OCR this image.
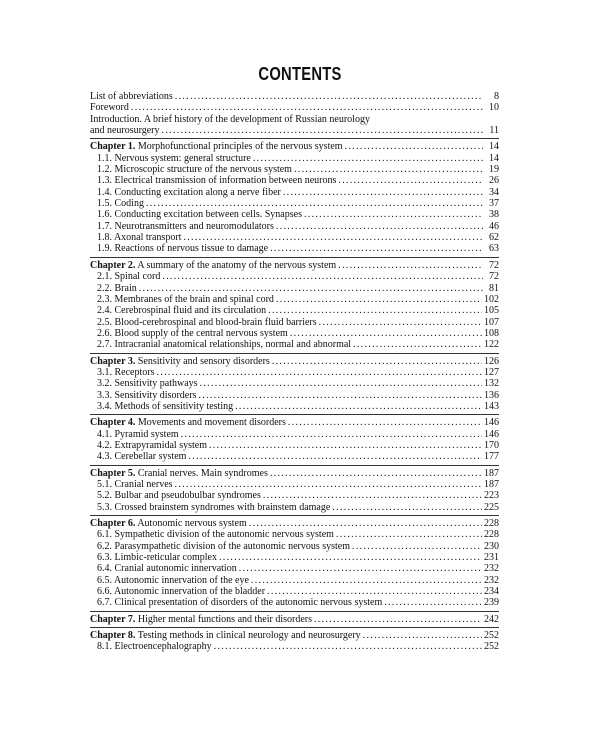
CONTENTS
List of abbreviations . . .	8
Foreword . . .	10
Introduction. A brief history of the development of Russian neurology
and neurosurgery . . .	11
Chapter 1. Morphofunctional principles of the nervous system . . .	14
1.1. Nervous system: general structure . . .	14
1.2. Microscopic structure of the nervous system . . .	19
1.3. Electrical transmission of information between neurons . . .	26
1.4. Conducting excitation along a nerve fiber . . .	34
1.5. Coding . . .	37
1.6. Conducting excitation between cells. Synapses . . .	38
1.7. Neurotransmitters and neuromodulators . . .	46
1.8. Axonal transport . . .	62
1.9. Reactions of nervous tissue to damage . . .	63
Chapter 2. A summary of the anatomy of the nervous system . . .	72
2.1. Spinal cord . . .	72
2.2. Brain . . .	81
2.3. Membranes of the brain and spinal cord . . .	102
2.4. Cerebrospinal fluid and its circulation . . .	105
2.5. Blood-cerebrospinal and blood-brain fluid barriers . . .	107
2.6. Blood supply of the central nervous system . . .	108
2.7. Intracranial anatomical relationships, normal and abnormal . . .	122
Chapter 3. Sensitivity and sensory disorders . . .	126
3.1. Receptors . . .	127
3.2. Sensitivity pathways . . .	132
3.3. Sensitivity disorders . . .	136
3.4. Methods of sensitivity testing . . .	143
Chapter 4. Movements and movement disorders . . .	146
4.1. Pyramid system . . .	146
4.2. Extrapyramidal system . . .	170
4.3. Cerebellar system . . .	177
Chapter 5. Cranial nerves. Main syndromes . . .	187
5.1. Cranial nerves . . .	187
5.2. Bulbar and pseudobulbar syndromes . . .	223
5.3. Crossed brainstem syndromes with brainstem damage . . .	225
Chapter 6. Autonomic nervous system . . .	228
6.1. Sympathetic division of the autonomic nervous system . . .	228
6.2. Parasympathetic division of the autonomic nervous system . . .	230
6.3. Limbic-reticular complex . . .	231
6.4. Cranial autonomic innervation . . .	232
6.5. Autonomic innervation of the eye . . .	232
6.6. Autonomic innervation of the bladder . . .	234
6.7. Clinical presentation of disorders of the autonomic nervous system . . .	239
Chapter 7. Higher mental functions and their disorders . . .	242
Chapter 8. Testing methods in clinical neurology and neurosurgery . . .	252
8.1. Electroencephalography . . .	252
